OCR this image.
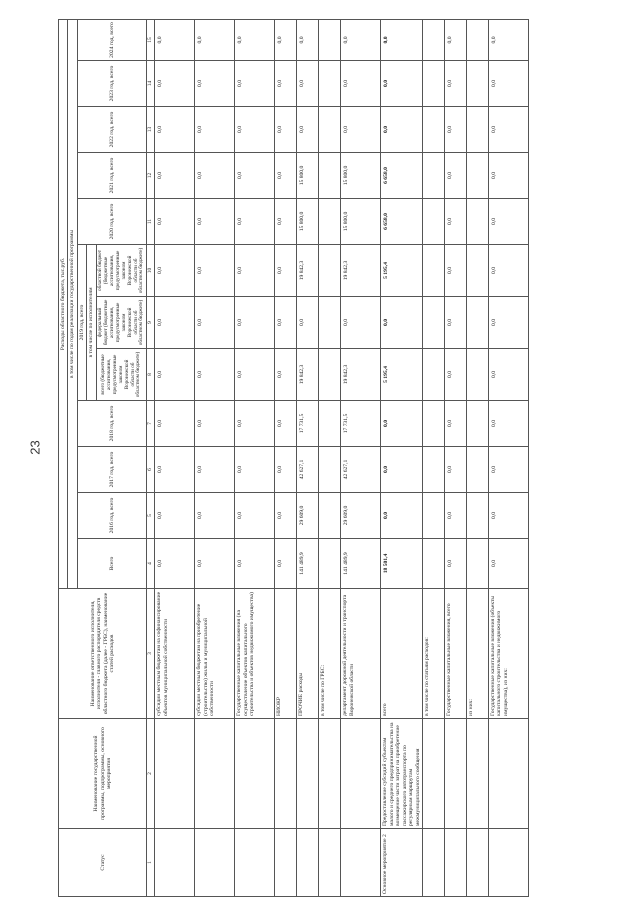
23
Статус	Наименование государственной программы, подпрограммы, основного мероприятия	Наименование ответственного исполнителя, исполнителя - главного распорядителя средств областного бюджета (далее - ГРБС), наименование статей расходов	Расходы областного бюджета, тыс.руб.											
			в том числе по годам реализации государственной программы											
			Всего	2016 год, всего	2017 год, всего	2018 год, всего	2019 год, всего			2020 год, всего	2021 год, всего	2022 год, всего	2023 год, всего	2024 год, всего
							в том числе по исполнителям							
							всего (бюджетные ассигнования, предусмотренные законом Воронежской области об областном бюджете)	федеральный бюджет (бюджетные ассигнования, предусмотренные законом Воронежской области об областном бюджете)	областной бюджет (бюджетные ассигнования, предусмотренные законом Воронежской области об областном бюджете)					
1	2	3	4	5	6	7	8	9	10	11	12	13	14	15
		субсидии местным бюджетам на софинансирование объектов муниципальной собственности	0,0	0,0	0,0	0,0	0,0	0,0	0,0	0,0	0,0	0,0	0,0	0,0
		субсидии местным бюджетам на приобретение (строительство) жилья и муниципальной собственности	0,0	0,0	0,0	0,0	0,0	0,0	0,0	0,0	0,0	0,0	0,0	0,0
		Государственные капитальные вложения (на осуществление объектов капитального строительства и объектов недвижимого имущества)	0,0	0,0	0,0	0,0	0,0	0,0	0,0	0,0	0,0	0,0	0,0	0,0
		НИОКР	0,0	0,0	0,0	0,0	0,0	0,0	0,0	0,0	0,0	0,0	0,0	0,0
		ПРОЧИЕ расходы	141 489,9	29 609,0	42 627,1	17 731,5	19 842,3	0,0	19 842,3	15 800,0	15 800,0	0,0	0,0	0,0
		в том числе по ГРБС:												
		департамент дорожной деятельности и транспорта Воронежской области	141 489,9	29 609,0	42 627,1	17 731,5	19 842,3	0,0	19 842,3	15 800,0	15 800,0	0,0	0,0	0,0
Основное мероприятие 2	Предоставление субсидий субъектам малого и среднего предпринимательства на возмещение части затрат на приобретение пассажирского автотранспорта по регулярным маршрутам межмуниципального сообщения	всего	18 501,4	0,0	0,0	0,0	5 195,4	0,0	5 195,4	6 658,0	6 658,0	0,0	0,0	0,0
		в том числе по статьям расходов:												
		Государственные капитальные вложения, всего	0,0	0,0	0,0	0,0	0,0	0,0	0,0	0,0	0,0	0,0	0,0	0,0
		из них:												
		Государственные капитальные вложения (объекты капитального строительства и недвижимого имущества), из них:	0,0	0,0	0,0	0,0	0,0	0,0	0,0	0,0	0,0	0,0	0,0	0,0
